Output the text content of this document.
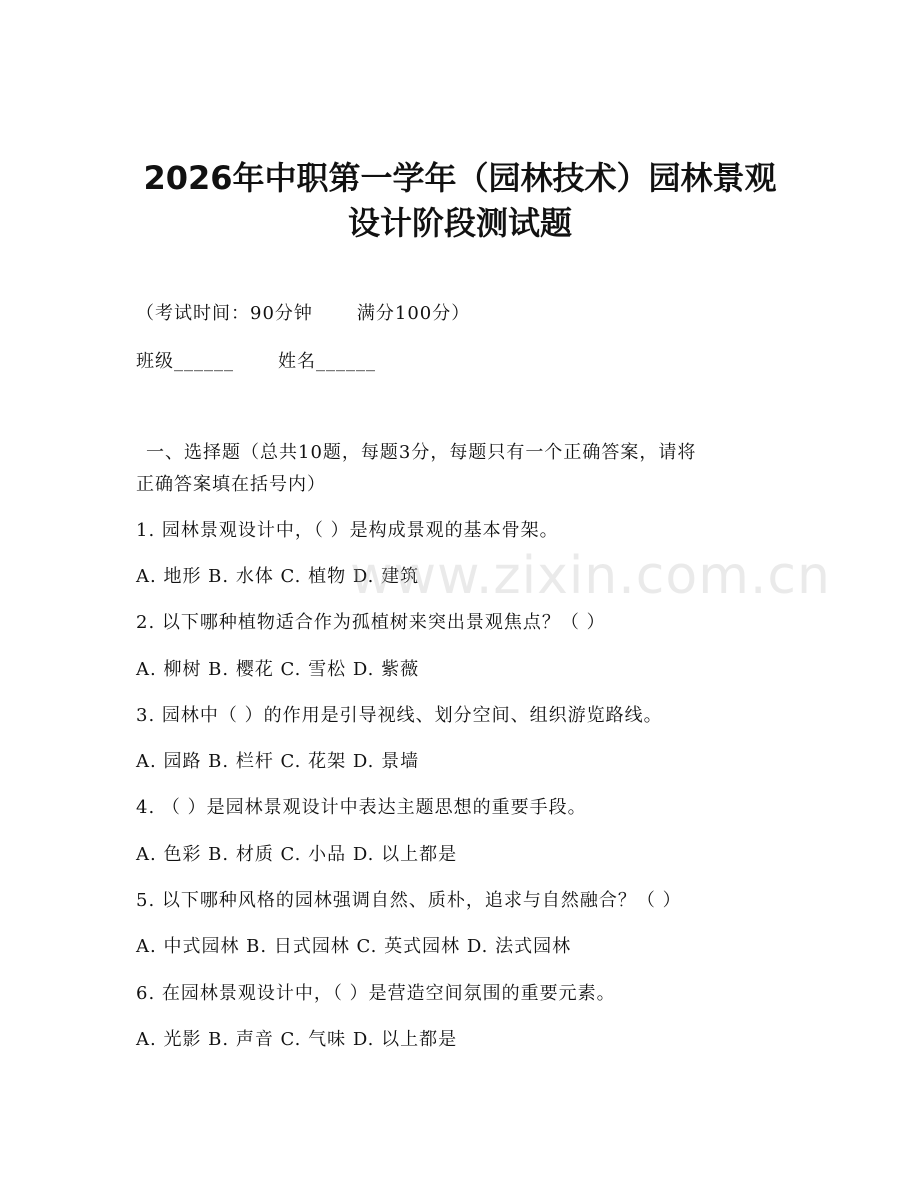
2026年中职第一学年（园林技术）园林景观
设计阶段测试题
（考试时间：90分钟 满分100分）
班级______ 姓名______
一、选择题（总共10题，每题3分，每题只有一个正确答案，请将
正确答案填在括号内）
1. 园林景观设计中，（ ）是构成景观的基本骨架。
A. 地形 B. 水体 C. 植物 D. 建筑
2. 以下哪种植物适合作为孤植树来突出景观焦点？（ ）
A. 柳树 B. 樱花 C. 雪松 D. 紫薇
3. 园林中（ ）的作用是引导视线、划分空间、组织游览路线。
A. 园路 B. 栏杆 C. 花架 D. 景墙
4. （ ）是园林景观设计中表达主题思想的重要手段。
A. 色彩 B. 材质 C. 小品 D. 以上都是
5. 以下哪种风格的园林强调自然、质朴，追求与自然融合？（ ）
A. 中式园林 B. 日式园林 C. 英式园林 D. 法式园林
6. 在园林景观设计中，（ ）是营造空间氛围的重要元素。
A. 光影 B. 声音 C. 气味 D. 以上都是
www.zixin.com.cn
